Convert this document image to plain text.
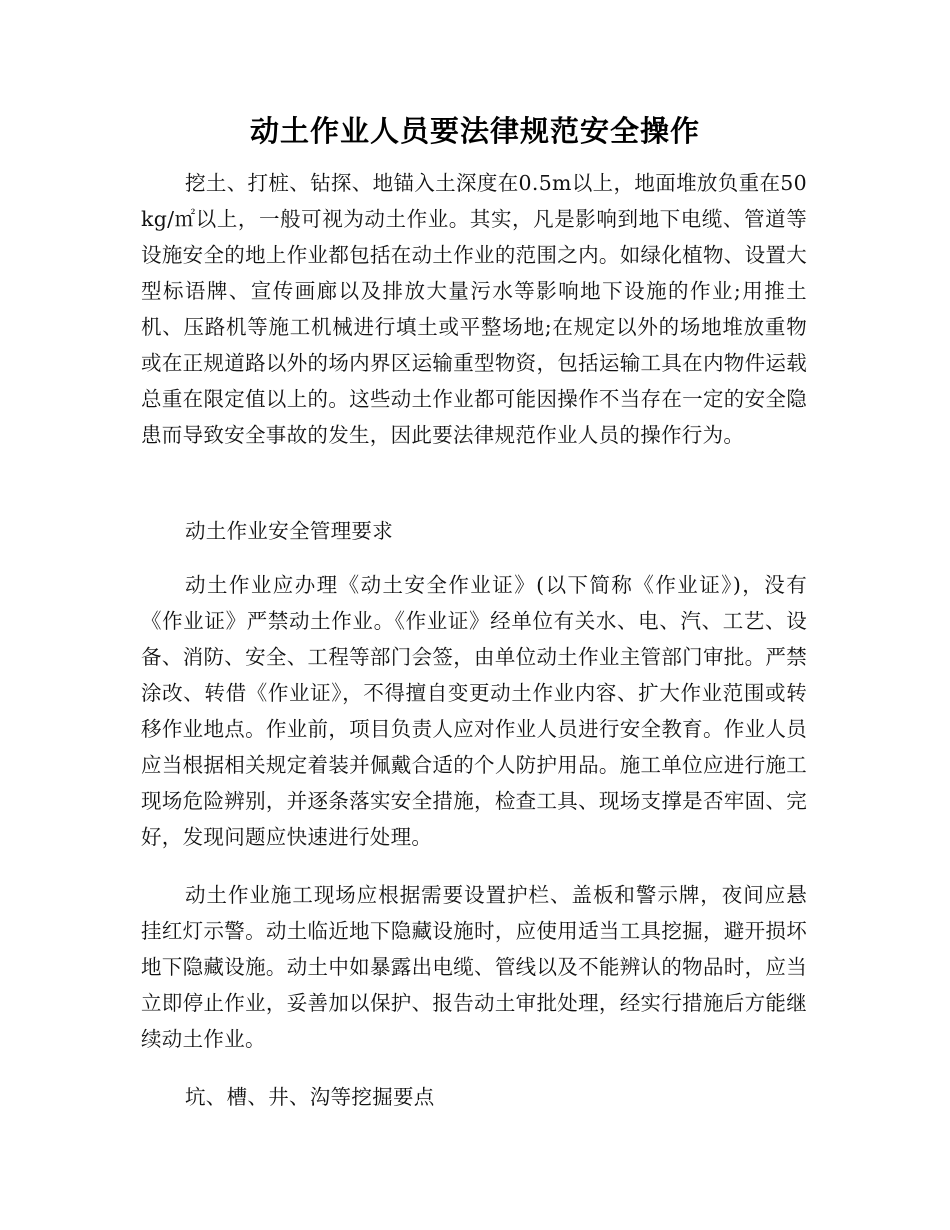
动土作业人员要法律规范安全操作

挖土、打桩、钻探、地锚入土深度在0.5m以上，地面堆放负重在50kg/㎡以上，一般可视为动土作业。其实，凡是影响到地下电缆、管道等设施安全的地上作业都包括在动土作业的范围之内。如绿化植物、设置大型标语牌、宣传画廊以及排放大量污水等影响地下设施的作业;用推土机、压路机等施工机械进行填土或平整场地;在规定以外的场地堆放重物或在正规道路以外的场内界区运输重型物资，包括运输工具在内物件运载总重在限定值以上的。这些动土作业都可能因操作不当存在一定的安全隐患而导致安全事故的发生，因此要法律规范作业人员的操作行为。

动土作业安全管理要求

动土作业应办理《动土安全作业证》(以下简称《作业证》)，没有《作业证》严禁动土作业。《作业证》经单位有关水、电、汽、工艺、设备、消防、安全、工程等部门会签，由单位动土作业主管部门审批。严禁涂改、转借《作业证》，不得擅自变更动土作业内容、扩大作业范围或转移作业地点。作业前，项目负责人应对作业人员进行安全教育。作业人员应当根据相关规定着装并佩戴合适的个人防护用品。施工单位应进行施工现场危险辨别，并逐条落实安全措施，检查工具、现场支撑是否牢固、完好，发现问题应快速进行处理。

动土作业施工现场应根据需要设置护栏、盖板和警示牌，夜间应悬挂红灯示警。动土临近地下隐藏设施时，应使用适当工具挖掘，避开损坏地下隐藏设施。动土中如暴露出电缆、管线以及不能辨认的物品时，应当立即停止作业，妥善加以保护、报告动土审批处理，经实行措施后方能继续动土作业。

坑、槽、井、沟等挖掘要点
